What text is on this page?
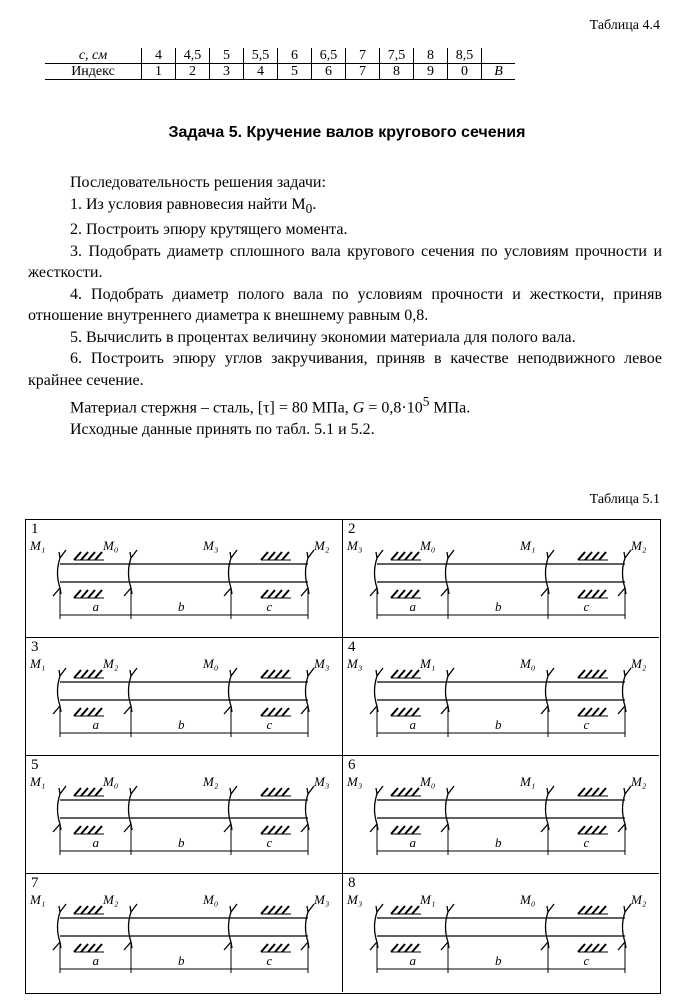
Таблица 4.4
c, см	4	4,5	5	5,5	6	6,5	7	7,5	8	8,5	
Индекс	1	2	3	4	5	6	7	8	9	0	B
Задача 5. Кручение валов кругового сечения

Последовательность решения задачи:

1. Из условия равновесия найти $M_0$.

2. Построить эпюру крутящего момента.

3. Подобрать диаметр сплошного вала кругового сечения по условиям прочности и жесткости.

4. Подобрать диаметр полого вала по условиям прочности и жесткости, приняв отношение внутреннего диаметра к внешнему равным 0,8.

5. Вычислить в процентах величину экономии материала для полого вала.

6. Построить эпюру углов закручивания, приняв в качестве неподвижного левое крайнее сечение.

Материал стержня – сталь, [τ] = 80 МПа, $G = 0,8\cdot 10^5$ МПа.

Исходные данные принять по табл. 5.1 и 5.2.

Таблица 5.1
1
M₁	M₀	M₃	M₂
a	b	c
2
M₃	M₀	M₁	M₂
a	b	c
3
M₁	M₂	M₀	M₃
a	b	c
4
M₃	M₁	M₀	M₂
a	b	c
5
M₁	M₀	M₂	M₃
a	b	c
6
M₃	M₀	M₁	M₂
a	b	c
7
M₁	M₂	M₀	M₃
a	b	c
8
M₃	M₁	M₀	M₂
a	b	c
